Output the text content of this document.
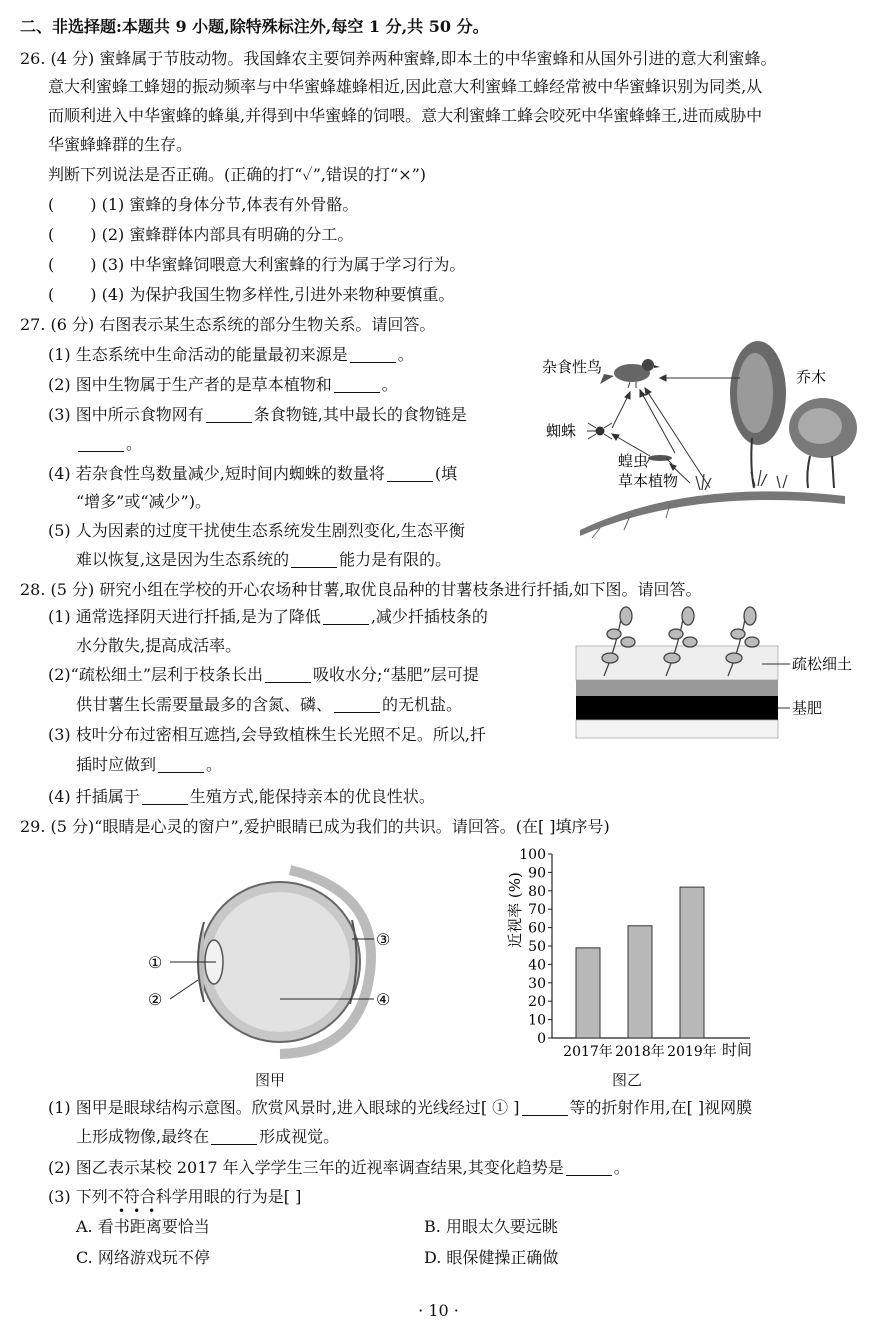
二、非选择题:本题共 9 小题,除特殊标注外,每空 1 分,共 50 分。
26. (4 分) 蜜蜂属于节肢动物。我国蜂农主要饲养两种蜜蜂,即本土的中华蜜蜂和从国外引进的意大利蜜蜂。
意大利蜜蜂工蜂翅的振动频率与中华蜜蜂雄蜂相近,因此意大利蜜蜂工蜂经常被中华蜜蜂识别为同类,从
而顺利进入中华蜜蜂的蜂巢,并得到中华蜜蜂的饲喂。意大利蜜蜂工蜂会咬死中华蜜蜂蜂王,进而威胁中
华蜜蜂蜂群的生存。
判断下列说法是否正确。(正确的打“✓”,错误的打“×”)
( ) (1) 蜜蜂的身体分节,体表有外骨骼。
( ) (2) 蜜蜂群体内部具有明确的分工。
( ) (3) 中华蜜蜂饲喂意大利蜜蜂的行为属于学习行为。
( ) (4) 为保护我国生物多样性,引进外来物种要慎重。
27. (6 分) 右图表示某生态系统的部分生物关系。请回答。
(1) 生态系统中生命活动的能量最初来源是	。
(2) 图中生物属于生产者的是草本植物和	。
(3) 图中所示食物网有	条食物链,其中最长的食物链是
。
(4) 若杂食性鸟数量减少,短时间内蜘蛛的数量将	(填
“增多”或“减少”)。
(5) 人为因素的过度干扰使生态系统发生剧烈变化,生态平衡
难以恢复,这是因为生态系统的	能力是有限的。
杂食性鸟
蜘蛛
蝗虫
草本植物
乔木
28. (5 分) 研究小组在学校的开心农场种甘薯,取优良品种的甘薯枝条进行扦插,如下图。请回答。
(1) 通常选择阴天进行扦插,是为了降低	,减少扦插枝条的
水分散失,提高成活率。
(2)“疏松细土”层利于枝条长出	吸收水分;“基肥”层可提
供甘薯生长需要量最多的含氮、磷、	的无机盐。
(3) 枝叶分布过密相互遮挡,会导致植株生长光照不足。所以,扦
插时应做到	。
(4) 扦插属于	生殖方式,能保持亲本的优良性状。
疏松细土
基肥
29. (5 分)“眼睛是心灵的窗户”,爱护眼睛已成为我们的共识。请回答。(在[ ]填序号)
①
②
③
④
图甲
0
10
20
30
40
50
60
70
80
90
100
2017年 2018年 2019年
近视率 (%)
时间
图乙
(1) 图甲是眼球结构示意图。欣赏风景时,进入眼球的光线经过[ ① ]	等的折射作用,在[ ]视网膜
上形成物像,最终在	形成视觉。
(2) 图乙表示某校 2017 年入学学生三年的近视率调查结果,其变化趋势是	。
(3) 下列不符合科学用眼的行为是[ ]
•••
A. 看书距离要恰当	B. 用眼太久要远眺
C. 网络游戏玩不停	D. 眼保健操正确做
· 10 ·
